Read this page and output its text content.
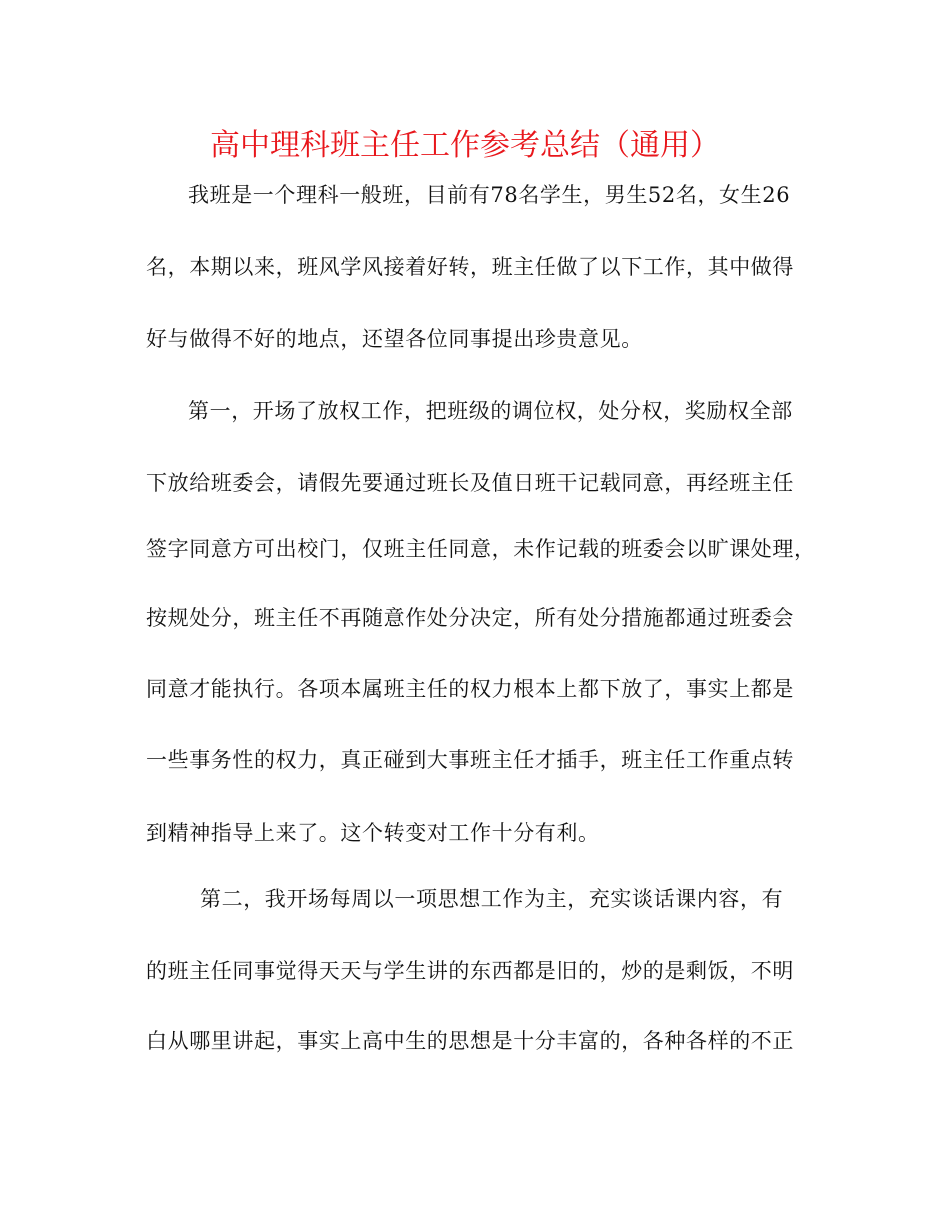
高中理科班主任工作参考总结（通用）
我班是一个理科一般班，目前有78名学生，男生52名，女生26
名，本期以来，班风学风接着好转，班主任做了以下工作，其中做得
好与做得不好的地点，还望各位同事提出珍贵意见。
第一，开场了放权工作，把班级的调位权，处分权，奖励权全部
下放给班委会，请假先要通过班长及值日班干记载同意，再经班主任
签字同意方可出校门，仅班主任同意，未作记载的班委会以旷课处理，
按规处分，班主任不再随意作处分决定，所有处分措施都通过班委会
同意才能执行。各项本属班主任的权力根本上都下放了，事实上都是
一些事务性的权力，真正碰到大事班主任才插手，班主任工作重点转
到精神指导上来了。这个转变对工作十分有利。
第二，我开场每周以一项思想工作为主，充实谈话课内容，有
的班主任同事觉得天天与学生讲的东西都是旧的，炒的是剩饭，不明
白从哪里讲起，事实上高中生的思想是十分丰富的，各种各样的不正
